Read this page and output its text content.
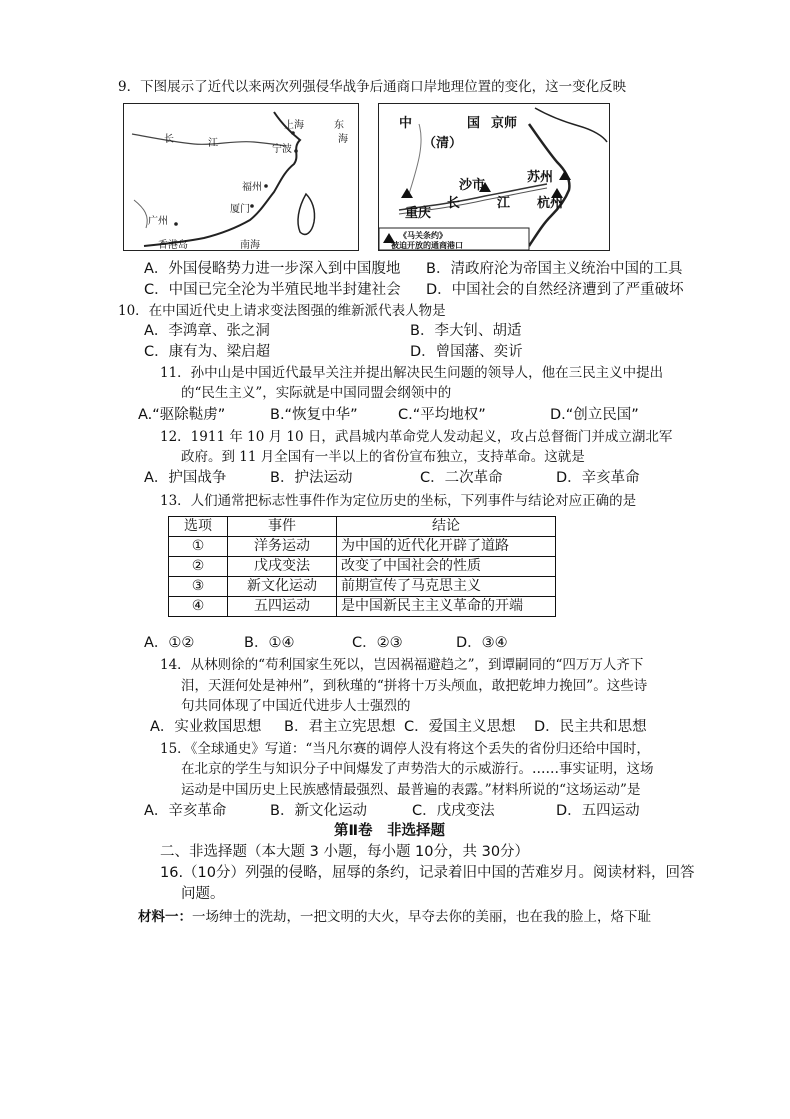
9．下图展示了近代以来两次列强侵华战争后通商口岸地理位置的变化，这一变化反映
长	江
上海	东
海
宁波
福州
厦门
广州
香港岛	南海
中	国 京师
（清）
沙市
苏州
重庆
长	江 杭州
《马关条约》
被迫开放的通商港口
A．外国侵略势力进一步深入到中国腹地 B．清政府沦为帝国主义统治中国的工具
C．中国已完全沦为半殖民地半封建社会 D．中国社会的自然经济遭到了严重破坏
10．在中国近代史上请求变法图强的维新派代表人物是
A．李鸿章、张之洞	B．李大钊、胡适
C．康有为、梁启超	D．曾国藩、奕䜣
11．孙中山是中国近代最早关注并提出解决民生问题的领导人，他在三民主义中提出
的“民生主义”，实际就是中国同盟会纲领中的
A.“驱除鞑虏”	B.“恢复中华”	C.“平均地权”	D.“创立民国”
12．1911 年 10 月 10 日，武昌城内革命党人发动起义，攻占总督衙门并成立湖北军
政府。到 11 月全国有一半以上的省份宣布独立，支持革命。这就是
A．护国战争	B．护法运动	C．二次革命	D．辛亥革命
13．人们通常把标志性事件作为定位历史的坐标，下列事件与结论对应正确的是
选项	事件	结论
①	洋务运动	为中国的近代化开辟了道路
②	戊戌变法	改变了中国社会的性质
③	新文化运动	前期宣传了马克思主义
④	五四运动	是中国新民主主义革命的开端
A．①②	B．①④	C．②③	D．③④
14．从林则徐的“苟利国家生死以，岂因祸福避趋之”，到谭嗣同的“四万万人齐下
泪，天涯何处是神州”，到秋瑾的“拼将十万头颅血，敢把乾坤力挽回”。这些诗
句共同体现了中国近代进步人士强烈的
A．实业救国思想 B．君主立宪思想 C．爱国主义思想 D．民主共和思想
15．《全球通史》写道：“当凡尔赛的调停人没有将这个丢失的省份归还给中国时，
在北京的学生与知识分子中间爆发了声势浩大的示威游行。……事实证明，这场
运动是中国历史上民族感情最强烈、最普遍的表露。”材料所说的“这场运动”是
A．辛亥革命	B．新文化运动	C．戊戌变法	D．五四运动
第Ⅱ卷　非选择题
二、非选择题（本大题 3 小题，每小题 10分，共 30分）
16.（10分）列强的侵略，屈辱的条约，记录着旧中国的苦难岁月。阅读材料，回答
问题。
材料一：一场绅士的洗劫，一把文明的大火，早夺去你的美丽，也在我的脸上，烙下耻
